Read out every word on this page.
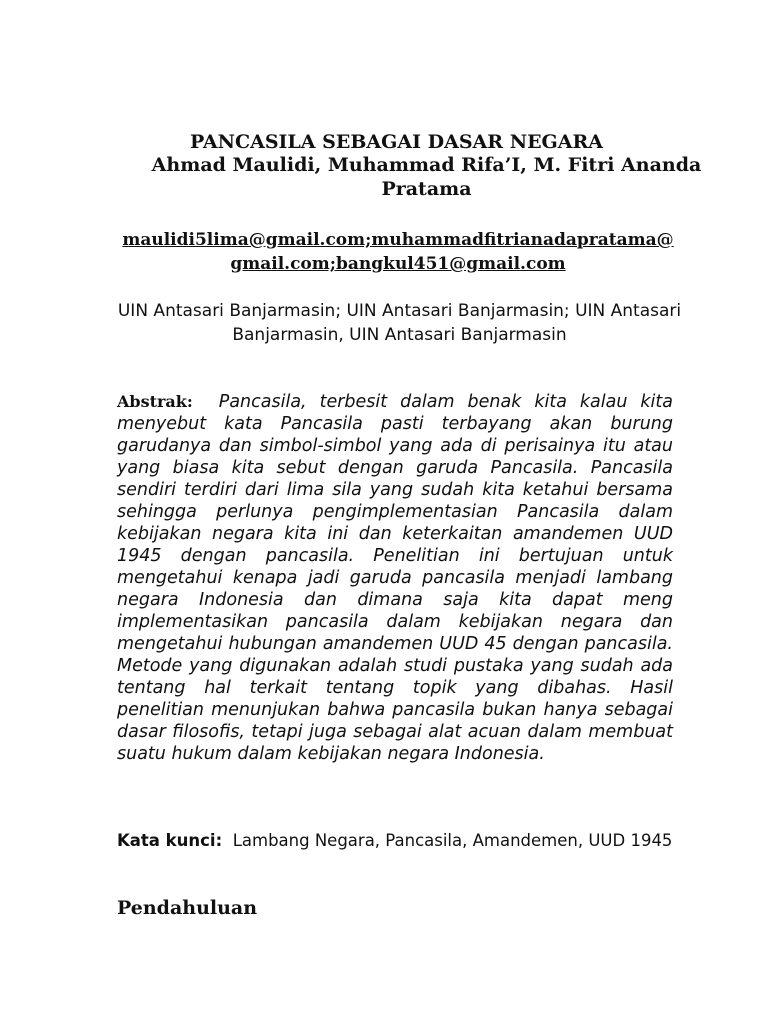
PANCASILA SEBAGAI DASAR NEGARA

Ahmad Maulidi, Muhammad Rifa’I, M. Fitri Ananda Pratama

maulidi5lima@gmail.com;muhammadfitrianadapratama@gmail.com;bangkul451@gmail.com

UIN Antasari Banjarmasin; UIN Antasari Banjarmasin; UIN Antasari Banjarmasin, UIN Antasari Banjarmasin

Abstrak: Pancasila, terbesit dalam benak kita kalau kita menyebut kata Pancasila pasti terbayang akan burung garudanya dan simbol-simbol yang ada di perisainya itu atau yang biasa kita sebut dengan garuda Pancasila. Pancasila sendiri terdiri dari lima sila yang sudah kita ketahui bersama sehingga perlunya pengimplementasian Pancasila dalam kebijakan negara kita ini dan keterkaitan amandemen UUD 1945 dengan pancasila. Penelitian ini bertujuan untuk mengetahui kenapa jadi garuda pancasila menjadi lambang negara Indonesia dan dimana saja kita dapat meng implementasikan pancasila dalam kebijakan negara dan mengetahui hubungan amandemen UUD 45 dengan pancasila. Metode yang digunakan adalah studi pustaka yang sudah ada tentang hal terkait tentang topik yang dibahas. Hasil penelitian menunjukan bahwa pancasila bukan hanya sebagai dasar filosofis, tetapi juga sebagai alat acuan dalam membuat suatu hukum dalam kebijakan negara Indonesia.

Kata kunci: Lambang Negara, Pancasila, Amandemen, UUD 1945

Pendahuluan
